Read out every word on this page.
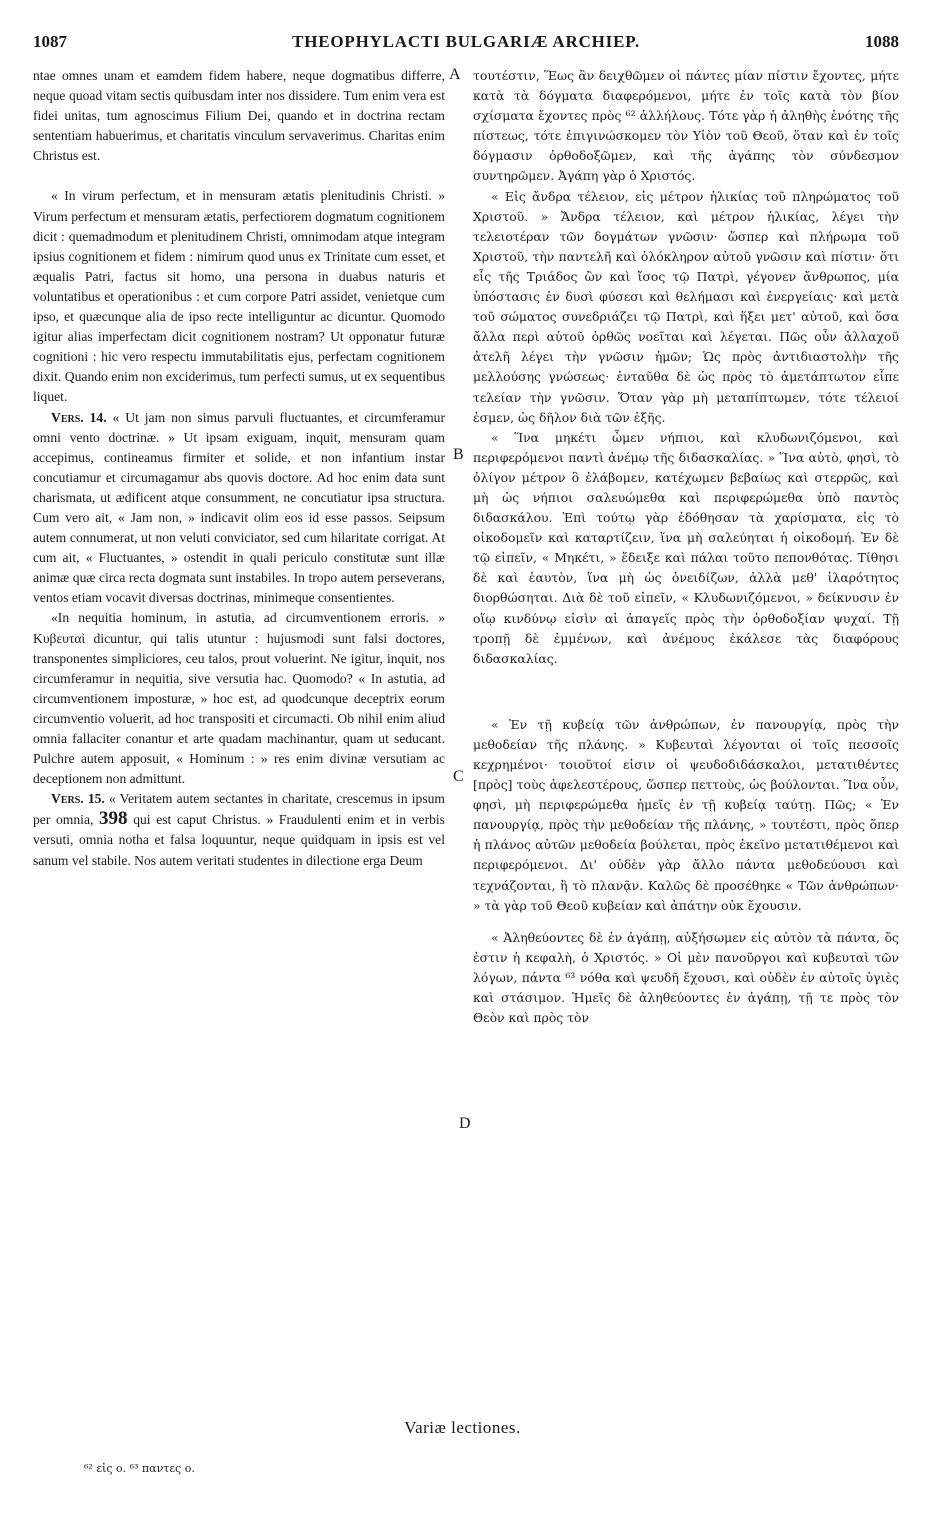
1087	THEOPHYLACTI BULGARIÆ ARCHIEP.	1088

ntae omnes unam et eamdem fidem habere, neque dogmatibus differre, neque quoad vitam sectis quibusdam inter nos dissidere. Tum enim vera est fidei unitas, tum agnoscimus Filium Dei, quando et in doctrina rectam sententiam habuerimus, et charitatis vinculum servaverimus. Charitas enim Christus est.

« In virum perfectum, et in mensuram ætatis plenitudinis Christi. » Virum perfectum et mensuram ætatis, perfectiorem dogmatum cognitionem dicit : quemadmodum et plenitudinem Christi, omnimodam atque integram ipsius cognitionem et fidem : nimirum quod unus ex Trinitate cum esset, et æqualis Patri, factus sit homo, una persona in duabus naturis et voluntatibus et operationibus : et cum corpore Patri assidet, venietque cum ipso, et quæcunque alia de ipso recte intelliguntur ac dicuntur. Quomodo igitur alias imperfectam dicit cognitionem nostram? Ut opponatur futuræ cognitioni : hic vero respectu immutabilitatis ejus, perfectam cognitionem dixit. Quando enim non exciderimus, tum perfecti sumus, ut ex sequentibus liquet.

Vers. 14. « Ut jam non simus parvuli fluctuantes, et circumferamur omni vento doctrinæ. » Ut ipsam exiguam, inquit, mensuram quam accepimus, contineamus firmiter et solide, et non infantium instar concutiamur et circumagamur abs quovis doctore. Ad hoc enim data sunt charismata, ut ædificent atque consumment, ne concutiatur ipsa structura. Cum vero ait, « Jam non, » indicavit olim eos id esse passos. Seipsum autem connumerat, ut non veluti conviciator, sed cum hilaritate corrigat. At cum ait, « Fluctuantes, » ostendit in quali periculo constitutæ sunt illæ animæ quæ circa recta dogmata sunt instabiles. In tropo autem perseverans, ventos etiam vocavit diversas doctrinas, minimeque consentientes.

«In nequitia hominum, in astutia, ad circumventionem erroris. » Κυβευταὶ dicuntur, qui talis utuntur : hujusmodi sunt falsi doctores, transponentes simpliciores, ceu talos, prout voluerint. Ne igitur, inquit, nos circumferamur in nequitia, sive versutia hac. Quomodo? « In astutia, ad circumventionem imposturæ, » hoc est, ad quodcunque deceptrix eorum circumventio voluerit, ad hoc transpositi et circumacti. Ob nihil enim aliud omnia fallaciter conantur et arte quadam machinantur, quam ut seducant. Pulchre autem apposuit, « Hominum : » res enim divinæ versutiam ac deceptionem non admittunt.

Vers. 15. « Veritatem autem sectantes in charitate, crescemus in ipsum per omnia, 398 qui est caput Christus. » Fraudulenti enim et in verbis versuti, omnia notha et falsa loquuntur, neque quidquam in ipsis est vel sanum vel stabile. Nos autem veritati studentes in dilectione erga Deum

A
B
C
D

τουτέστιν, Ἕως ἂν δειχθῶμεν οἱ πάντες μίαν πίστιν ἔχοντες, μήτε κατὰ τὰ δόγματα διαφερόμενοι, μήτε ἐν τοῖς κατὰ τὸν βίον σχίσματα ἔχοντες πρὸς ⁶² ἀλλήλους. Τότε γὰρ ἡ ἀληθὴς ἑνότης τῆς πίστεως, τότε ἐπιγινώσκομεν τὸν Υἱὸν τοῦ Θεοῦ, ὅταν καὶ ἐν τοῖς δόγμασιν ὀρθοδοξῶμεν, καὶ τῆς ἀγάπης τὸν σύνδεσμον συντηρῶμεν. Ἀγάπη γὰρ ὁ Χριστός.

« Εἰς ἄνδρα τέλειον, εἰς μέτρον ἡλικίας τοῦ πληρώματος τοῦ Χριστοῦ. » Ἄνδρα τέλειον, καὶ μέτρον ἡλικίας, λέγει τὴν τελειοτέραν τῶν δογμάτων γνῶσιν· ὥσπερ καὶ πλήρωμα τοῦ Χριστοῦ, τὴν παντελῆ καὶ ὁλόκληρον αὐτοῦ γνῶσιν καὶ πίστιν· ὅτι εἷς τῆς Τριάδος ὢν καὶ ἴσος τῷ Πατρὶ, γέγονεν ἄνθρωπος, μία ὑπόστασις ἐν δυσὶ φύσεσι καὶ θελήμασι καὶ ἐνεργείαις· καὶ μετὰ τοῦ σώματος συνεδριάζει τῷ Πατρὶ, καὶ ἥξει μετ' αὐτοῦ, καὶ ὅσα ἄλλα περὶ αὐτοῦ ὀρθῶς νοεῖται καὶ λέγεται. Πῶς οὖν ἀλλαχοῦ ἀτελῆ λέγει τὴν γνῶσιν ἡμῶν; Ὡς πρὸς ἀντιδιαστολὴν τῆς μελλούσης γνώσεως· ἐνταῦθα δὲ ὡς πρὸς τὸ ἀμετάπτωτον εἶπε τελείαν τὴν γνῶσιν. Ὅταν γὰρ μὴ μεταπίπτωμεν, τότε τέλειοί ἐσμεν, ὡς δῆλον διὰ τῶν ἑξῆς.

« Ἵνα μηκέτι ὦμεν νήπιοι, καὶ κλυδωνιζόμενοι, καὶ περιφερόμενοι παντὶ ἀνέμῳ τῆς διδασκαλίας. » Ἵνα αὐτὸ, φησὶ, τὸ ὀλίγον μέτρον ὃ ἐλάβομεν, κατέχωμεν βεβαίως καὶ στερρῶς, καὶ μὴ ὡς νήπιοι σαλευώμεθα καὶ περιφερώμεθα ὑπὸ παντὸς διδασκάλου. Ἐπὶ τούτῳ γὰρ ἐδόθησαν τὰ χαρίσματα, εἰς τὸ οἰκοδομεῖν καὶ καταρτίζειν, ἵνα μὴ σαλεύηται ἡ οἰκοδομή. Ἐν δὲ τῷ εἰπεῖν, « Μηκέτι, » ἔδειξε καὶ πάλαι τοῦτο πεπονθότας. Τίθησι δὲ καὶ ἑαυτὸν, ἵνα μὴ ὡς ὀνειδίζων, ἀλλὰ μεθ' ἱλαρότητος διορθώσηται. Διὰ δὲ τοῦ εἰπεῖν, « Κλυδωνιζόμενοι, » δείκνυσιν ἐν οἵῳ κινδύνῳ εἰσὶν αἱ ἀπαγεῖς πρὸς τὴν ὀρθοδοξίαν ψυχαί. Τῇ τροπῇ δὲ ἐμμένων, καὶ ἀνέμους ἐκάλεσε τὰς διαφόρους διδασκαλίας.

« Ἐν τῇ κυβείᾳ τῶν ἀνθρώπων, ἐν πανουργίᾳ, πρὸς τὴν μεθοδείαν τῆς πλάνης. » Κυβευταὶ λέγονται οἱ τοῖς πεσσοῖς κεχρημένοι· τοιοῦτοί εἰσιν οἱ ψευδοδιδάσκαλοι, μετατιθέντες [πρὸς] τοὺς ἀφελεστέρους, ὥσπερ πεττοὺς, ὡς βούλονται. Ἵνα οὖν, φησὶ, μὴ περιφερώμεθα ἡμεῖς ἐν τῇ κυβείᾳ ταύτῃ. Πῶς; « Ἐν πανουργίᾳ, πρὸς τὴν μεθοδείαν τῆς πλάνης, » τουτέστι, πρὸς ὅπερ ἡ πλάνος αὐτῶν μεθοδεία βούλεται, πρὸς ἐκεῖνο μετατιθέμενοι καὶ περιφερόμενοι. Δι' οὐδὲν γὰρ ἄλλο πάντα μεθοδεύουσι καὶ τεχνάζονται, ἢ τὸ πλανᾷν. Καλῶς δὲ προσέθηκε « Τῶν ἀνθρώπων· » τὰ γὰρ τοῦ Θεοῦ κυβείαν καὶ ἀπάτην οὐκ ἔχουσιν.

« Ἀληθεύοντες δὲ ἐν ἀγάπῃ, αὐξήσωμεν εἰς αὐτὸν τὰ πάντα, ὅς ἐστιν ἡ κεφαλὴ, ὁ Χριστός. » Οἱ μὲν πανοῦργοι καὶ κυβευταὶ τῶν λόγων, πάντα ⁶³ νόθα καὶ ψευδῆ ἔχουσι, καὶ οὐδὲν ἐν αὐτοῖς ὑγιὲς καὶ στάσιμον. Ἡμεῖς δὲ ἀληθεύοντες ἐν ἀγάπῃ, τῇ τε πρὸς τὸν Θεὸν καὶ πρὸς τὸν

Variæ lectiones.
⁶² εἰς ο. ⁶³ παντες ο.
